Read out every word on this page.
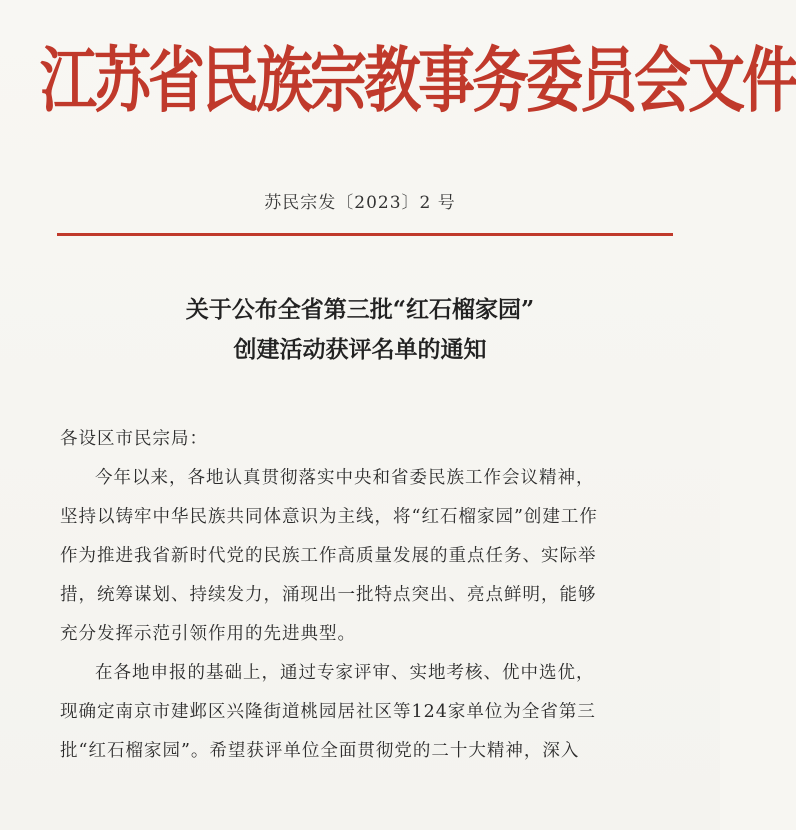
江苏省民族宗教事务委员会文件
苏民宗发〔2023〕2 号
关于公布全省第三批“红石榴家园”
创建活动获评名单的通知

各设区市民宗局：

今年以来，各地认真贯彻落实中央和省委民族工作会议精神，
坚持以铸牢中华民族共同体意识为主线，将“红石榴家园”创建工作
作为推进我省新时代党的民族工作高质量发展的重点任务、实际举
措，统筹谋划、持续发力，涌现出一批特点突出、亮点鲜明，能够
充分发挥示范引领作用的先进典型。

在各地申报的基础上，通过专家评审、实地考核、优中选优，
现确定南京市建邺区兴隆街道桃园居社区等124家单位为全省第三
批“红石榴家园”。希望获评单位全面贯彻党的二十大精神，深入
